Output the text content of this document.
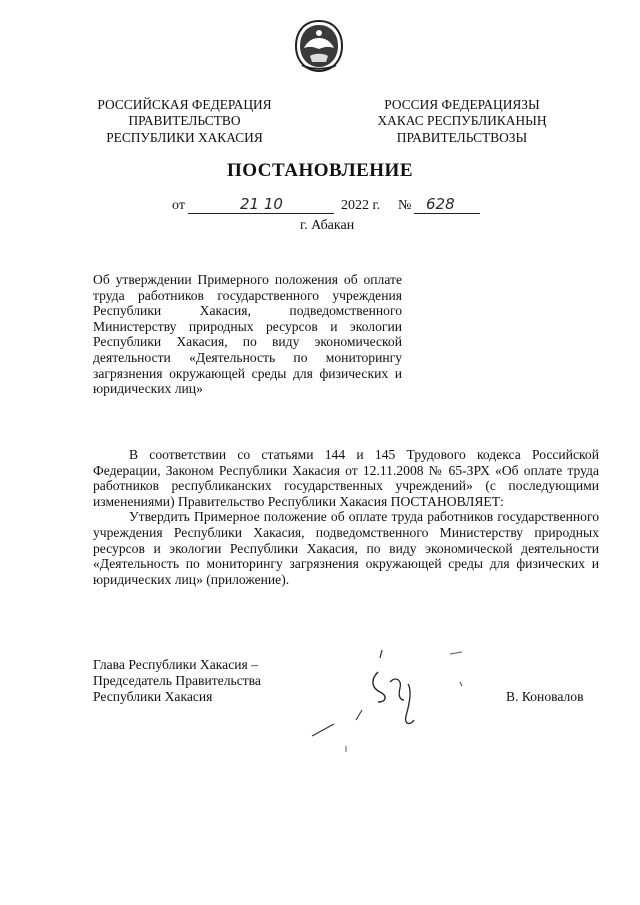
РОССИЙСКАЯ ФЕДЕРАЦИЯ
ПРАВИТЕЛЬСТВО
РЕСПУБЛИКИ ХАКАСИЯ
РОССИЯ ФЕДЕРАЦИЯЗЫ
ХАКАС РЕСПУБЛИКАНЫҢ
ПРАВИТЕЛЬСТВОЗЫ
ПОСТАНОВЛЕНИЕ
от	21 10	2022 г. № 628
г. Абакан
Об утверждении Примерного положения об оплате труда работников государственного учреждения Республики Хакасия, подведомственного Министерству природных ресурсов и экологии Республики Хакасия, по виду экономической деятельности «Деятельность по мониторингу загрязнения окружающей среды для физических и юридических лиц»

В соответствии со статьями 144 и 145 Трудового кодекса Российской Федерации, Законом Республики Хакасия от 12.11.2008 № 65-ЗРХ «Об оплате труда работников республиканских государственных учреждений» (с последующими изменениями) Правительство Республики Хакасия ПОСТАНОВЛЯЕТ:

Утвердить Примерное положение об оплате труда работников государственного учреждения Республики Хакасия, подведомственного Министерству природных ресурсов и экологии Республики Хакасия, по виду экономической деятельности «Деятельность по мониторингу загрязнения окружающей среды для физических и юридических лиц» (приложение).

Глава Республики Хакасия –
Председатель Правительства
Республики Хакасия	В. Коновалов
